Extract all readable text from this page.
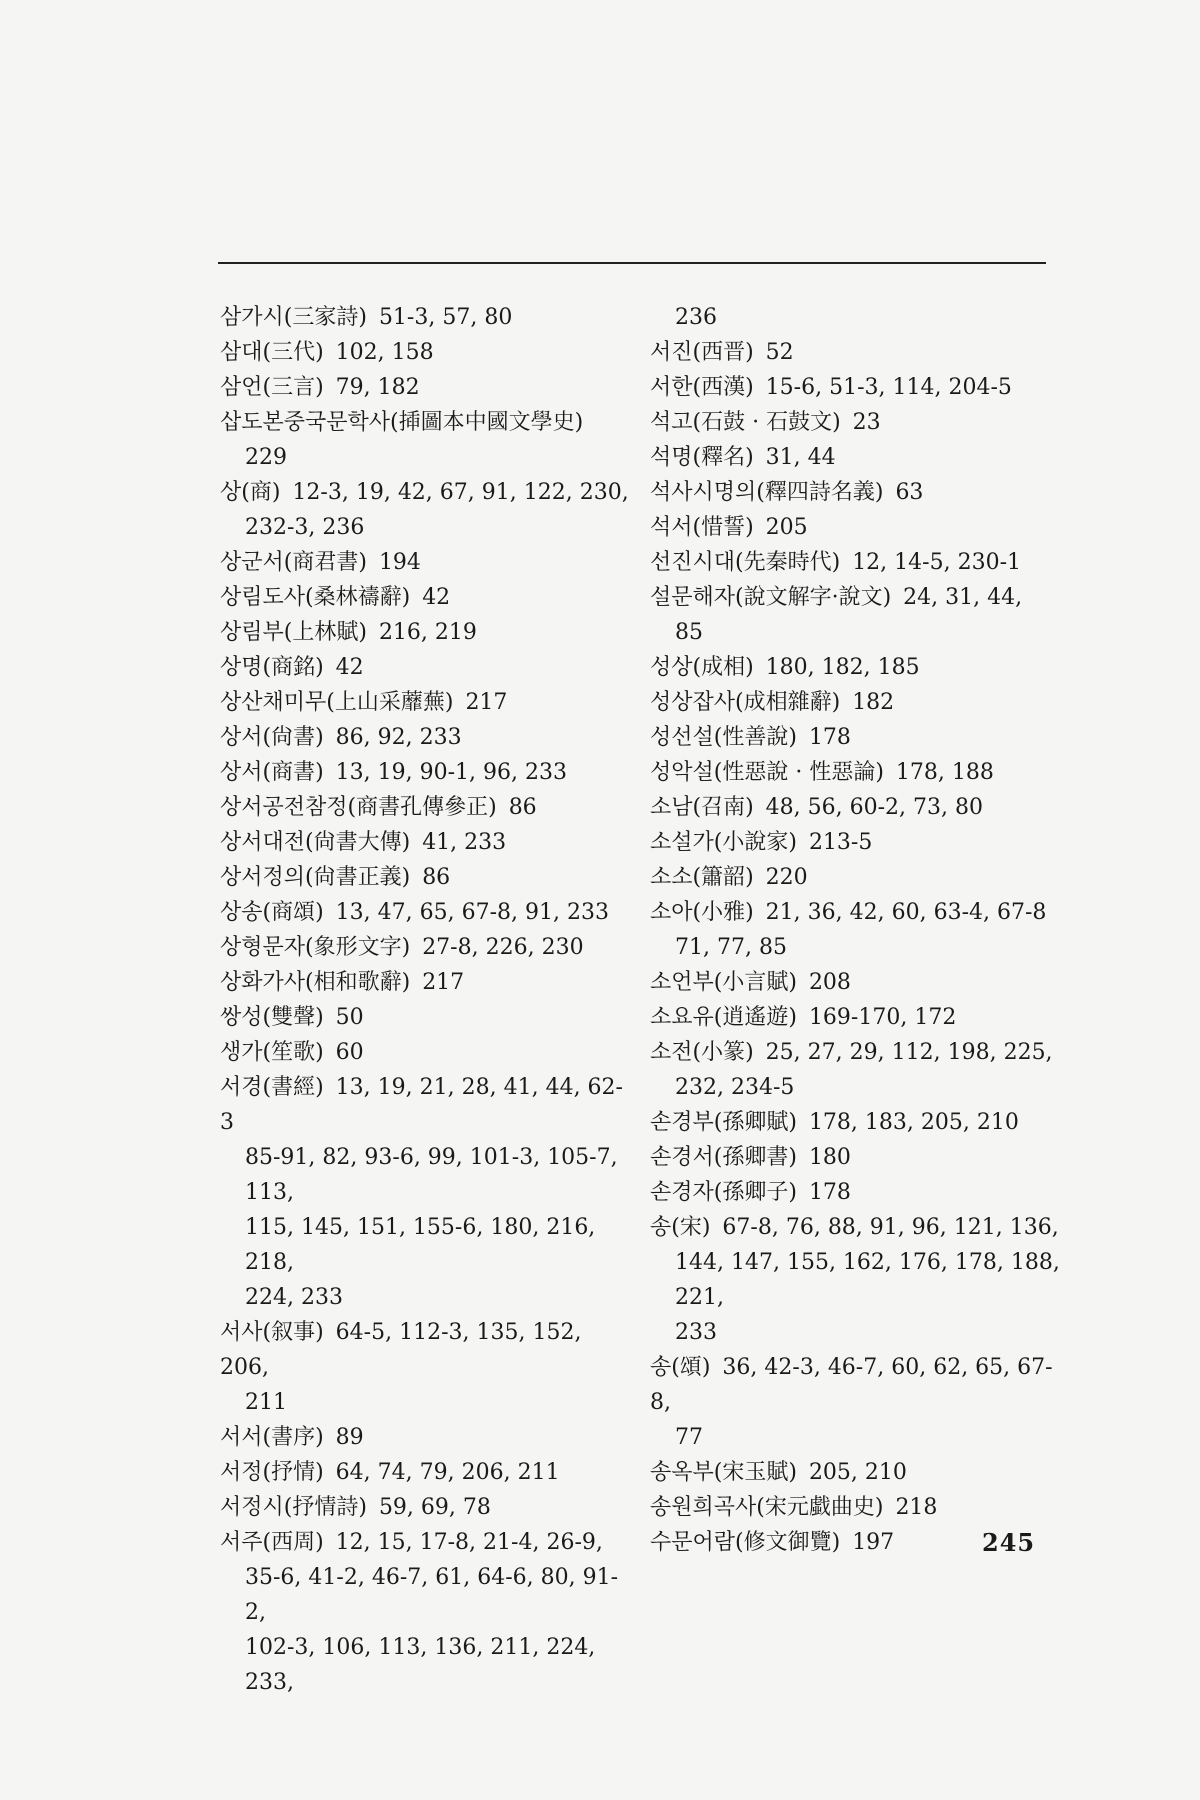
삼가시(三家詩) 51-3, 57, 80
삼대(三代) 102, 158
삼언(三言) 79, 182
삽도본중국문학사(揷圖本中國文學史)
229
상(商) 12-3, 19, 42, 67, 91, 122, 230,
232-3, 236
상군서(商君書) 194
상림도사(桑林禱辭) 42
상림부(上林賦) 216, 219
상명(商銘) 42
상산채미무(上山采蘼蕪) 217
상서(尙書) 86, 92, 233
상서(商書) 13, 19, 90-1, 96, 233
상서공전참정(商書孔傳參正) 86
상서대전(尙書大傳) 41, 233
상서정의(尙書正義) 86
상송(商頌) 13, 47, 65, 67-8, 91, 233
상형문자(象形文字) 27-8, 226, 230
상화가사(相和歌辭) 217
쌍성(雙聲) 50
생가(笙歌) 60
서경(書經) 13, 19, 21, 28, 41, 44, 62-3
85-91, 82, 93-6, 99, 101-3, 105-7, 113,
115, 145, 151, 155-6, 180, 216, 218,
224, 233
서사(叙事) 64-5, 112-3, 135, 152, 206,
211
서서(書序) 89
서정(抒情) 64, 74, 79, 206, 211
서정시(抒情詩) 59, 69, 78
서주(西周) 12, 15, 17-8, 21-4, 26-9,
35-6, 41-2, 46-7, 61, 64-6, 80, 91-2,
102-3, 106, 113, 136, 211, 224, 233,
236
서진(西晋) 52
서한(西漢) 15-6, 51-3, 114, 204-5
석고(石鼓 · 石鼓文) 23
석명(釋名) 31, 44
석사시명의(釋四詩名義) 63
석서(惜誓) 205
선진시대(先秦時代) 12, 14-5, 230-1
설문해자(說文解字·說文) 24, 31, 44,
85
성상(成相) 180, 182, 185
성상잡사(成相雜辭) 182
성선설(性善說) 178
성악설(性惡說 · 性惡論) 178, 188
소남(召南) 48, 56, 60-2, 73, 80
소설가(小說家) 213-5
소소(簫韶) 220
소아(小雅) 21, 36, 42, 60, 63-4, 67-8
71, 77, 85
소언부(小言賦) 208
소요유(逍遙遊) 169-170, 172
소전(小篆) 25, 27, 29, 112, 198, 225,
232, 234-5
손경부(孫卿賦) 178, 183, 205, 210
손경서(孫卿書) 180
손경자(孫卿子) 178
송(宋) 67-8, 76, 88, 91, 96, 121, 136,
144, 147, 155, 162, 176, 178, 188, 221,
233
송(頌) 36, 42-3, 46-7, 60, 62, 65, 67-8,
77
송옥부(宋玉賦) 205, 210
송원희곡사(宋元戱曲史) 218
수문어람(修文御覽) 197	245
